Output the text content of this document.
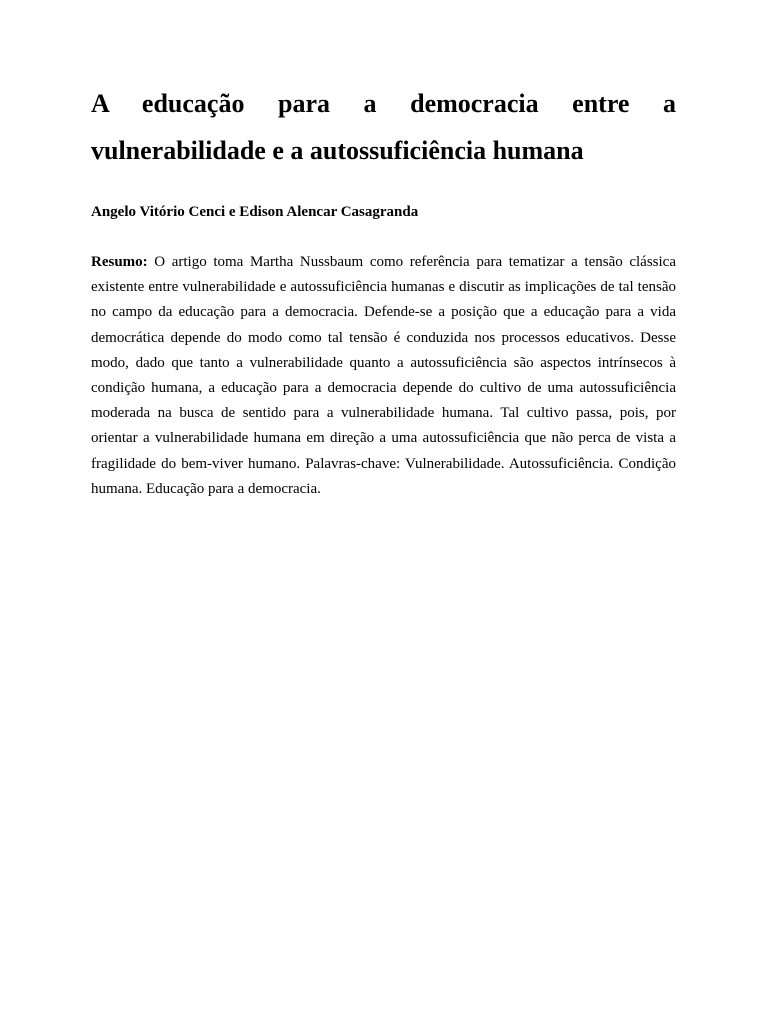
A educação para a democracia entre a vulnerabilidade e a autossuficiência humana

Angelo Vitório Cenci e Edison Alencar Casagranda

Resumo: O artigo toma Martha Nussbaum como referência para tematizar a tensão clássica existente entre vulnerabilidade e autossuficiência humanas e discutir as implicações de tal tensão no campo da educação para a democracia. Defende-se a posição que a educação para a vida democrática depende do modo como tal tensão é conduzida nos processos educativos. Desse modo, dado que tanto a vulnerabilidade quanto a autossuficiência são aspectos intrínsecos à condição humana, a educação para a democracia depende do cultivo de uma autossuficiência moderada na busca de sentido para a vulnerabilidade humana. Tal cultivo passa, pois, por orientar a vulnerabilidade humana em direção a uma autossuficiência que não perca de vista a fragilidade do bem-viver humano. Palavras-chave: Vulnerabilidade. Autossuficiência. Condição humana. Educação para a democracia.
